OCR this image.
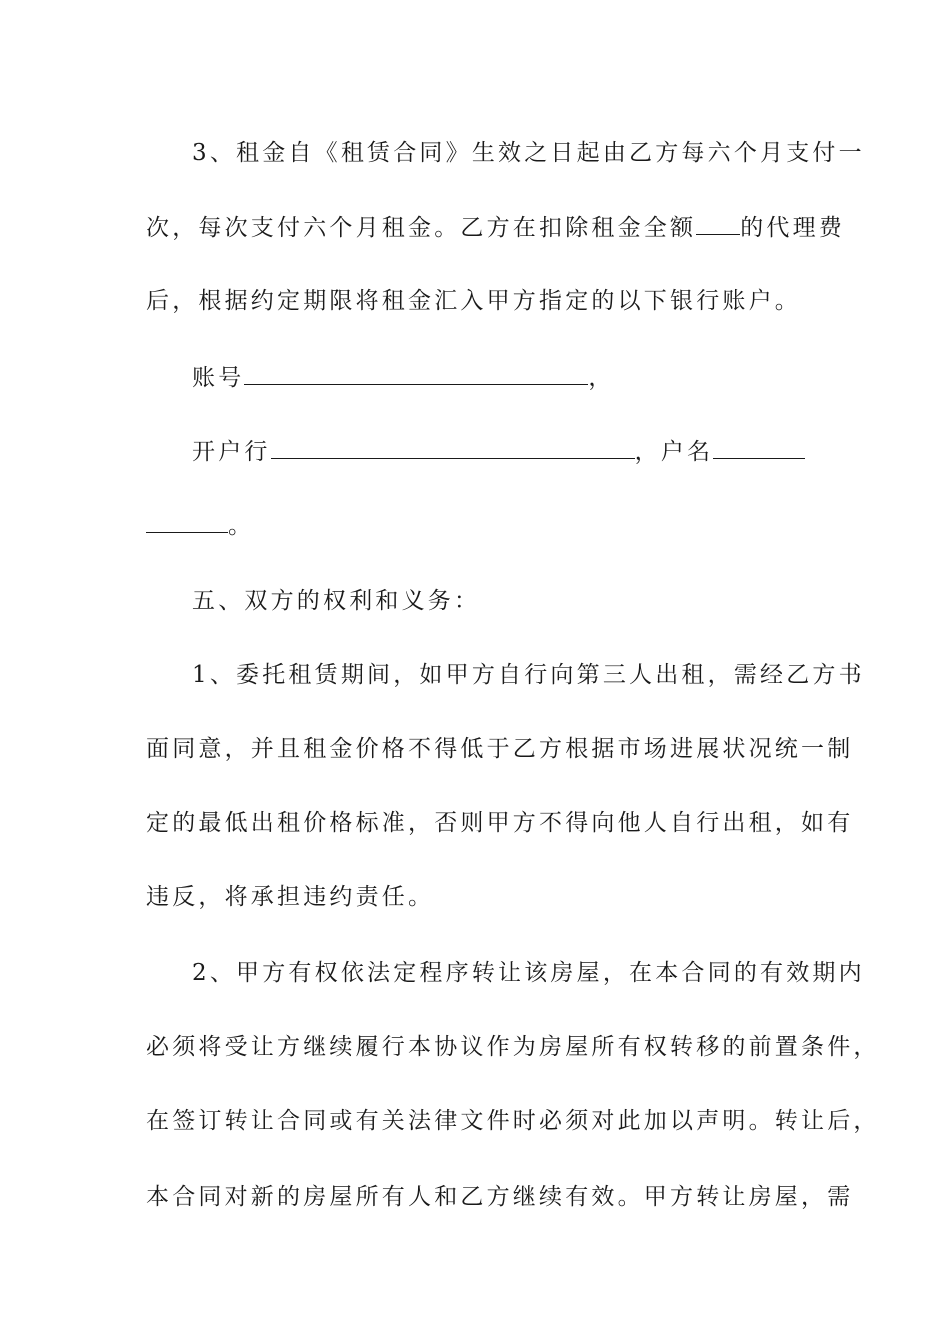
3、租金自《租赁合同》生效之日起由乙方每六个月支付一
次，每次支付六个月租金。乙方在扣除租金全额 的代理费
后，根据约定期限将租金汇入甲方指定的以下银行账户。
账号	，
开户行	，户名
。
五、双方的权利和义务：
1、委托租赁期间，如甲方自行向第三人出租，需经乙方书
面同意，并且租金价格不得低于乙方根据市场进展状况统一制
定的最低出租价格标准，否则甲方不得向他人自行出租，如有
违反，将承担违约责任。
2、甲方有权依法定程序转让该房屋，在本合同的有效期内
必须将受让方继续履行本协议作为房屋所有权转移的前置条件，
在签订转让合同或有关法律文件时必须对此加以声明。转让后，
本合同对新的房屋所有人和乙方继续有效。甲方转让房屋，需
